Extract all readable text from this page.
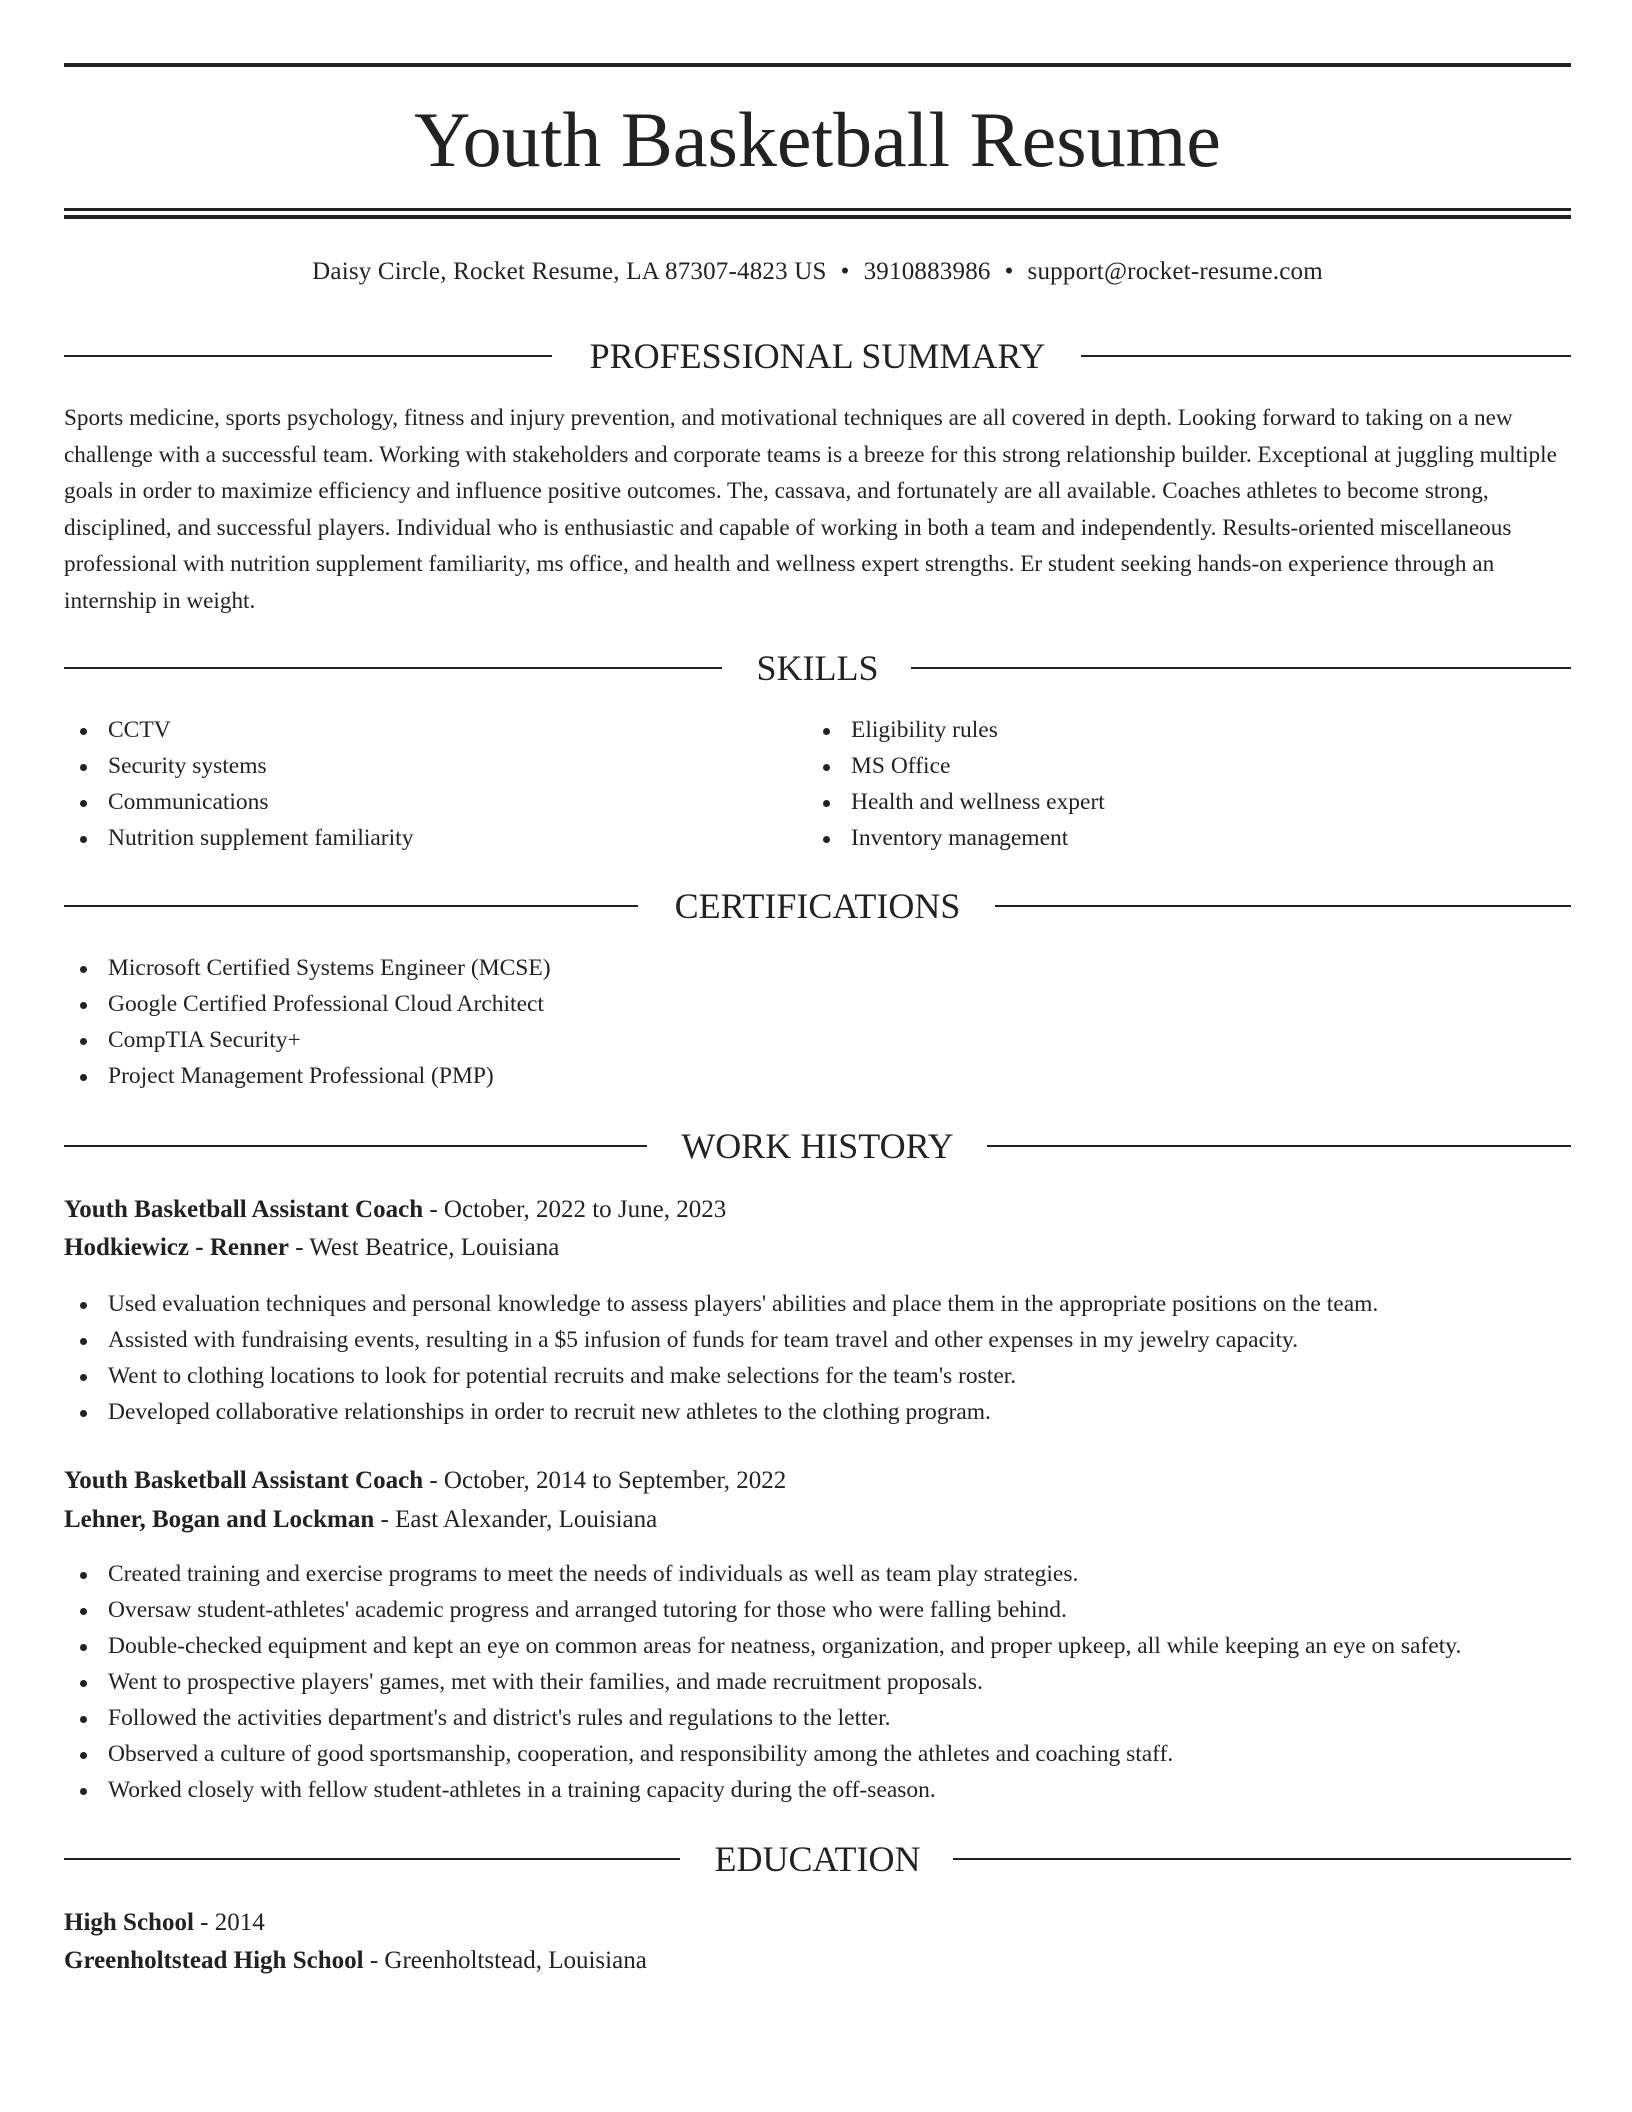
Youth Basketball Resume
Daisy Circle, Rocket Resume, LA 87307-4823 US • 3910883986 • support@rocket-resume.com
PROFESSIONAL SUMMARY

Sports medicine, sports psychology, fitness and injury prevention, and motivational techniques are all covered in depth. Looking forward to taking on a new challenge with a successful team. Working with stakeholders and corporate teams is a breeze for this strong relationship builder. Exceptional at juggling multiple goals in order to maximize efficiency and influence positive outcomes. The, cassava, and fortunately are all available. Coaches athletes to become strong, disciplined, and successful players. Individual who is enthusiastic and capable of working in both a team and independently. Results-oriented miscellaneous professional with nutrition supplement familiarity, ms office, and health and wellness expert strengths. Er student seeking hands-on experience through an internship in weight.

SKILLS
CCTV
Security systems
Communications
Nutrition supplement familiarity
Eligibility rules
MS Office
Health and wellness expert
Inventory management
CERTIFICATIONS
Microsoft Certified Systems Engineer (MCSE)
Google Certified Professional Cloud Architect
CompTIA Security+
Project Management Professional (PMP)
WORK HISTORY
Youth Basketball Assistant Coach - October, 2022 to June, 2023
Hodkiewicz - Renner - West Beatrice, Louisiana
Used evaluation techniques and personal knowledge to assess players' abilities and place them in the appropriate positions on the team.
Assisted with fundraising events, resulting in a $5 infusion of funds for team travel and other expenses in my jewelry capacity.
Went to clothing locations to look for potential recruits and make selections for the team's roster.
Developed collaborative relationships in order to recruit new athletes to the clothing program.
Youth Basketball Assistant Coach - October, 2014 to September, 2022
Lehner, Bogan and Lockman - East Alexander, Louisiana
Created training and exercise programs to meet the needs of individuals as well as team play strategies.
Oversaw student-athletes' academic progress and arranged tutoring for those who were falling behind.
Double-checked equipment and kept an eye on common areas for neatness, organization, and proper upkeep, all while keeping an eye on safety.
Went to prospective players' games, met with their families, and made recruitment proposals.
Followed the activities department's and district's rules and regulations to the letter.
Observed a culture of good sportsmanship, cooperation, and responsibility among the athletes and coaching staff.
Worked closely with fellow student-athletes in a training capacity during the off-season.
EDUCATION
High School - 2014
Greenholtstead High School - Greenholtstead, Louisiana
